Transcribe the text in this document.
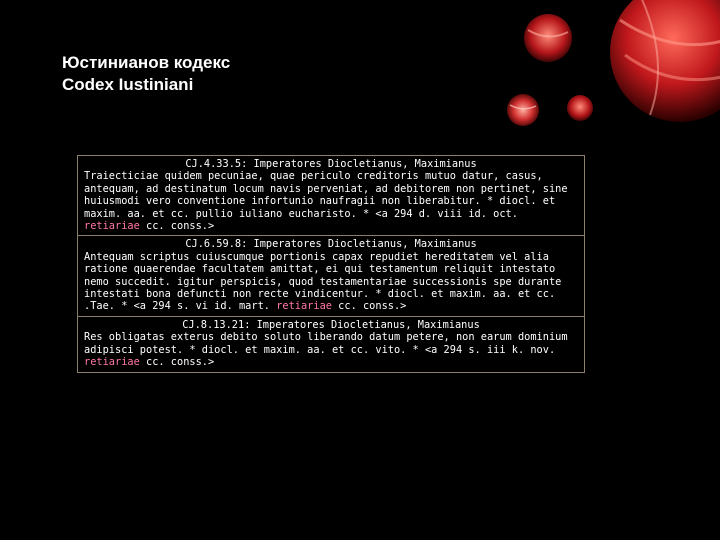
Юстинианов кодекс
Codex Iustiniani
CJ.4.33.5: Imperatores Diocletianus, Maximianus
Traiecticiae quidem pecuniae, quae periculo creditoris mutuo datur, casus, antequam, ad destinatum locum navis perveniat, ad debitorem non pertinet, sine huiusmodi vero conventione infortunio naufragii non liberabitur. * diocl. et maxim. aa. et cc. pullio iuliano eucharisto. * <a 294 d. viii id. oct. retiariae cc. conss.>
CJ.6.59.8: Imperatores Diocletianus, Maximianus
Antequam scriptus cuiuscumque portionis capax repudiet hereditatem vel alia ratione quaerendae facultatem amittat, ei qui testamentum reliquit intestato nemo succedit. igitur perspicis, quod testamentariae successionis spe durante intestati bona defuncti non recte vindicentur. * diocl. et maxim. aa. et cc. .Tae. * <a 294 s. vi id. mart. retiariae cc. conss.>
CJ.8.13.21: Imperatores Diocletianus, Maximianus
Res obligatas exterus debito soluto liberando datum petere, non earum dominium adipisci potest. * diocl. et maxim. aa. et cc. vito. * <a 294 s. iii k. nov. retiariae cc. conss.>
